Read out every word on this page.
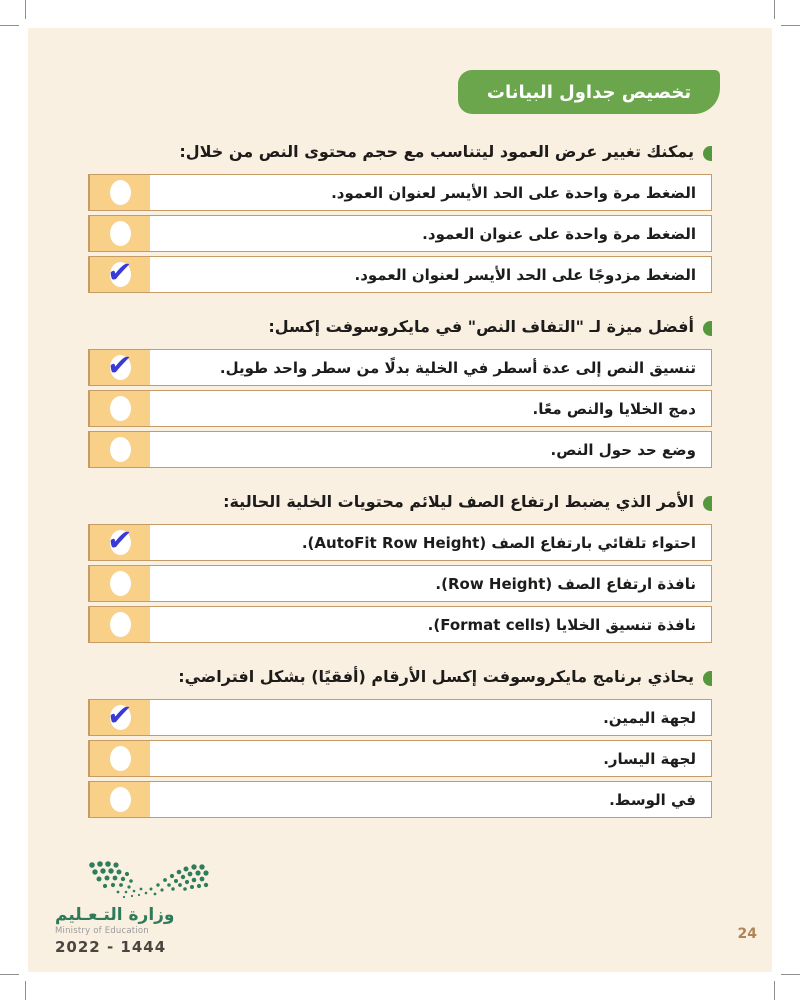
تخصيص جداول البيانات
يمكنك تغيير عرض العمود ليتناسب مع حجم محتوى النص من خلال:
الضغط مرة واحدة على الحد الأيسر لعنوان العمود.
الضغط مرة واحدة على عنوان العمود.
✔	الضغط مزدوجًا على الحد الأيسر لعنوان العمود.
أفضل ميزة لـ "التفاف النص" في مايكروسوفت إكسل:
✔	تنسيق النص إلى عدة أسطر في الخلية بدلًا من سطر واحد طويل.
دمج الخلايا والنص معًا.
وضع حد حول النص.
الأمر الذي يضبط ارتفاع الصف ليلائم محتويات الخلية الحالية:
✔	احتواء تلقائي بارتفاع الصف (AutoFit Row Height).
نافذة ارتفاع الصف (Row Height).
نافذة تنسيق الخلايا (Format cells).
يحاذي برنامج مايكروسوفت إكسل الأرقام (أفقيًا) بشكل افتراضي:
✔	لجهة اليمين.
لجهة اليسار.
في الوسط.
وزارة التـعـليم
Ministry of Education
2022 - 1444
24
